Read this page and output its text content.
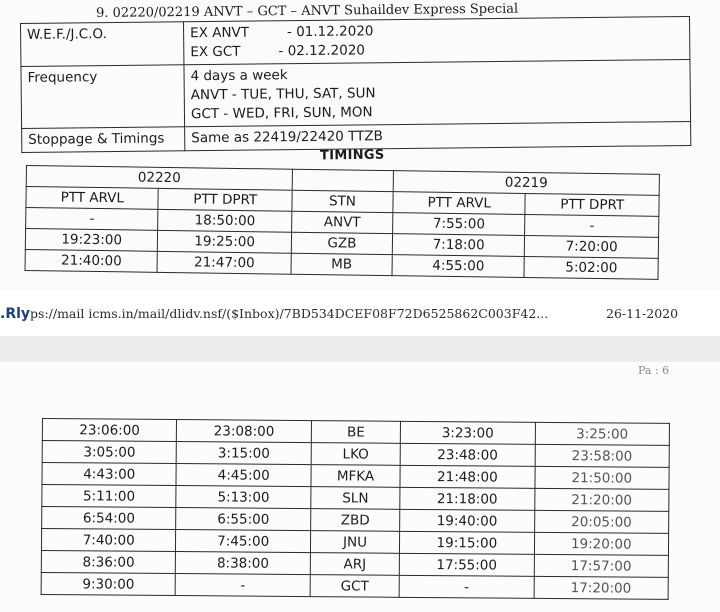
9. 02220/02219 ANVT – GCT – ANVT Suhaildev Express Special
W.E.F./J.C.O.	EX ANVT - 01.12.2020
EX GCT - 02.12.2020

Frequency	4 days a week
ANVT - TUE, THU, SAT, SUN
GCT - WED, FRI, SUN, MON

Stoppage & Timings	Same as 22419/22420 TTZB
TIMINGS
02220			02219	
PTT ARVL	PTT DPRT	STN	PTT ARVL	PTT DPRT
-	18:50:00	ANVT	7:55:00	-
19:23:00	19:25:00	GZB	7:18:00	7:20:00
21:40:00	21:47:00	MB	4:55:00	5:02:00
.Rlyps://mail icms.in/mail/dlidv.nsf/($Inbox)/7BD534DCEF08F72D6525862C003F42...	26-11-2020
Pa : 6
23:06:00	23:08:00	BE	3:23:00	3:25:00
3:05:00	3:15:00	LKO	23:48:00	23:58:00
4:43:00	4:45:00	MFKA	21:48:00	21:50:00
5:11:00	5:13:00	SLN	21:18:00	21:20:00
6:54:00	6:55:00	ZBD	19:40:00	20:05:00
7:40:00	7:45:00	JNU	19:15:00	19:20:00
8:36:00	8:38:00	ARJ	17:55:00	17:57:00
9:30:00	-	GCT	-	17:20:00
